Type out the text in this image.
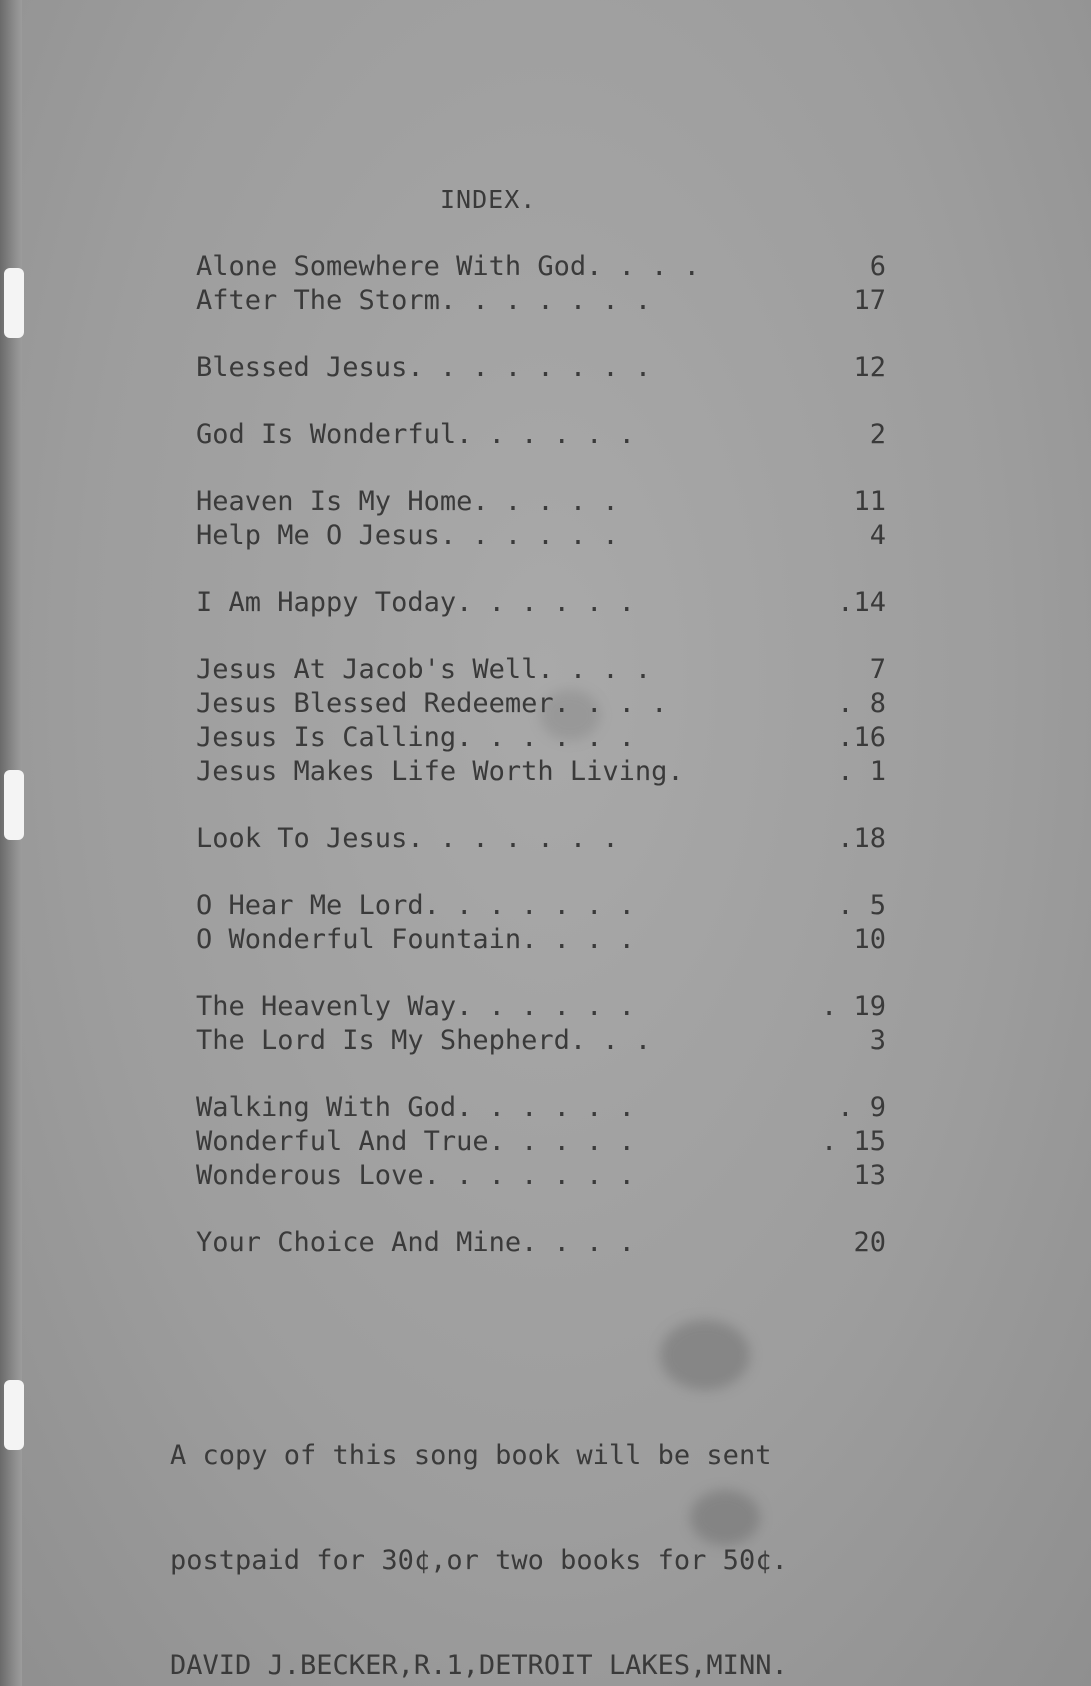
INDEX.
Alone Somewhere With God. . . .	6
After The Storm. . . . . . .	17
Blessed Jesus. . . . . . . .	12
God Is Wonderful. . . . . .	2
Heaven Is My Home. . . . .	11
Help Me O Jesus. . . . . .	4
I Am Happy Today. . . . . .	.14
Jesus At Jacob's Well. . . .	7
Jesus Blessed Redeemer. . . .	. 8
Jesus Is Calling. . . . . .	.16
Jesus Makes Life Worth Living.	. 1
Look To Jesus. . . . . . .	.18
O Hear Me Lord. . . . . . .	. 5
O Wonderful Fountain. . . .	10
The Heavenly Way. . . . . .	. 19
The Lord Is My Shepherd. . .	3
Walking With God. . . . . .	. 9
Wonderful And True. . . . .	. 15
Wonderous Love. . . . . . .	13
Your Choice And Mine. . . .	20

A copy of this song book will be sent

postpaid for 30¢,or two books for 50¢.

DAVID J.BECKER,R.1,DETROIT LAKES,MINN.
